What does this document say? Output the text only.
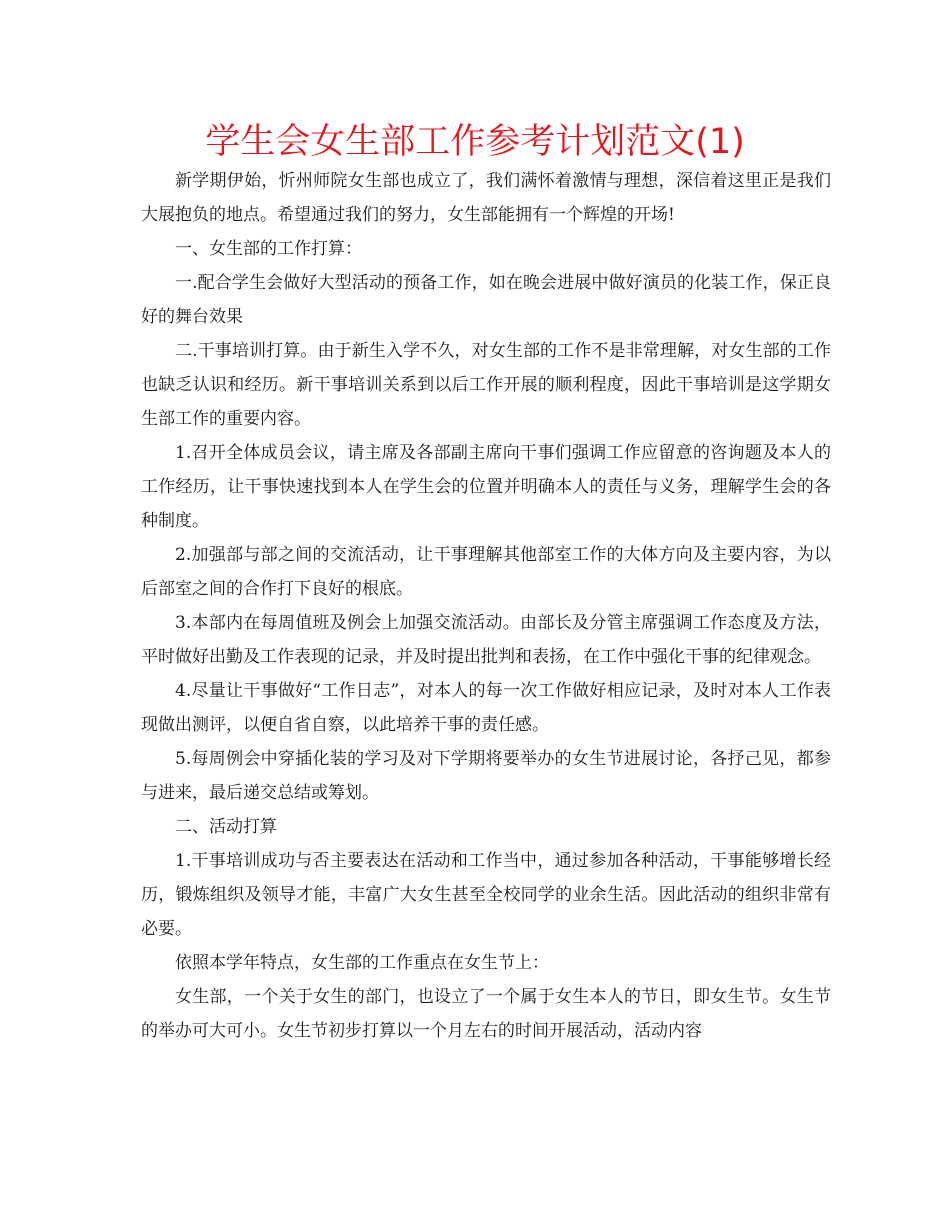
学生会女生部工作参考计划范文(1)

新学期伊始，忻州师院女生部也成立了，我们满怀着激情与理想，深信着这里正是我们大展抱负的地点。希望通过我们的努力，女生部能拥有一个辉煌的开场!

一、女生部的工作打算：

一.配合学生会做好大型活动的预备工作，如在晚会进展中做好演员的化装工作，保正良好的舞台效果

二.干事培训打算。由于新生入学不久，对女生部的工作不是非常理解，对女生部的工作也缺乏认识和经历。新干事培训关系到以后工作开展的顺利程度，因此干事培训是这学期女生部工作的重要内容。

1.召开全体成员会议，请主席及各部副主席向干事们强调工作应留意的咨询题及本人的工作经历，让干事快速找到本人在学生会的位置并明确本人的责任与义务，理解学生会的各种制度。

2.加强部与部之间的交流活动，让干事理解其他部室工作的大体方向及主要内容，为以后部室之间的合作打下良好的根底。

3.本部内在每周值班及例会上加强交流活动。由部长及分管主席强调工作态度及方法，平时做好出勤及工作表现的记录，并及时提出批判和表扬，在工作中强化干事的纪律观念。

4.尽量让干事做好“工作日志”，对本人的每一次工作做好相应记录，及时对本人工作表现做出测评，以便自省自察，以此培养干事的责任感。

5.每周例会中穿插化装的学习及对下学期将要举办的女生节进展讨论，各抒己见，都参与进来，最后递交总结或筹划。

二、活动打算

1.干事培训成功与否主要表达在活动和工作当中，通过参加各种活动，干事能够增长经历，锻炼组织及领导才能，丰富广大女生甚至全校同学的业余生活。因此活动的组织非常有必要。

依照本学年特点，女生部的工作重点在女生节上：

女生部，一个关于女生的部门，也设立了一个属于女生本人的节日，即女生节。女生节的举办可大可小。女生节初步打算以一个月左右的时间开展活动，活动内容
